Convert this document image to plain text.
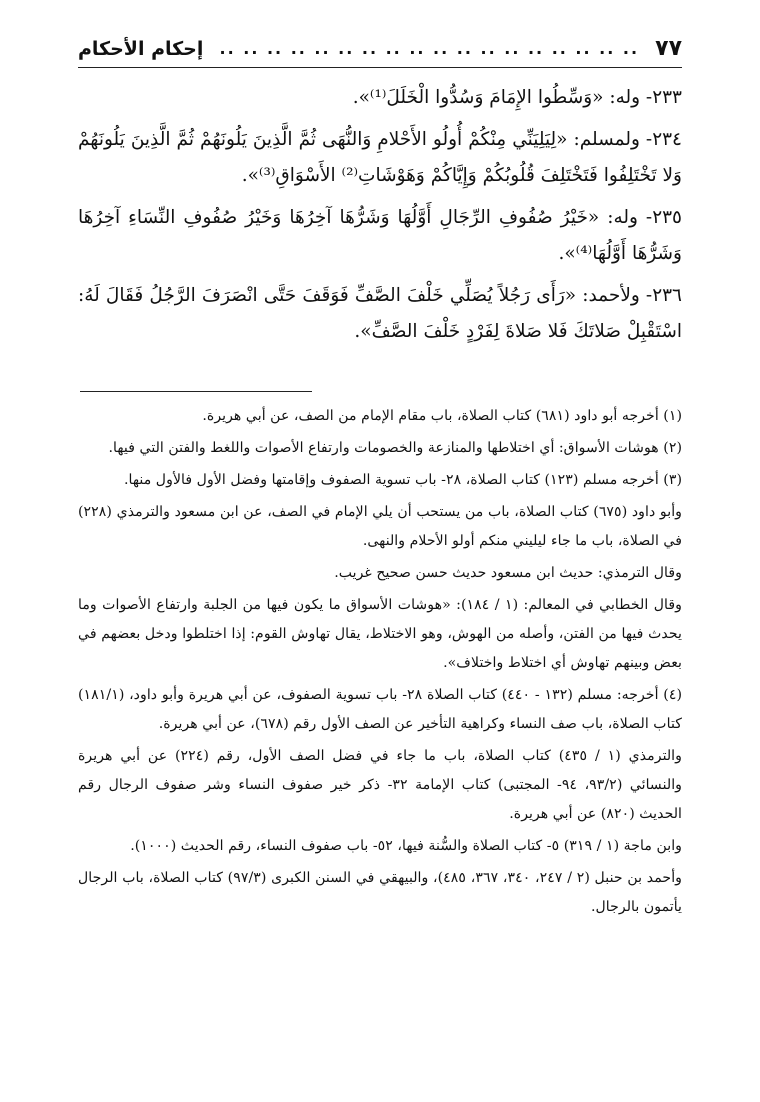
٧٧
.. .. .. .. .. .. .. .. .. .. .. .. .. .. .. .. .. ..
إحكام الأحكام

٢٣٣- وله: «وَسِّطُوا الإِمَامَ وَسُدُّوا الْخَلَلَ⁽¹⁾».

٢٣٤- ولمسلم: «لِيَلِيَنِّي مِنْكُمْ أُولُو الأَحْلامِ وَالنُّهَى ثُمَّ الَّذِينَ يَلُونَهُمْ ثُمَّ الَّذِينَ يَلُونَهُمْ وَلا تَخْتَلِفُوا فَتَخْتَلِفَ قُلُوبُكُمْ وَإِيَّاكُمْ وَهَوْشَاتِ⁽²⁾ الأَسْوَاقِ⁽³⁾».

٢٣٥- وله: «خَيْرُ صُفُوفِ الرِّجَالِ أَوَّلُهَا وَشَرُّهَا آخِرُهَا وَخَيْرُ صُفُوفِ النِّسَاءِ آخِرُهَا وَشَرُّهَا أَوَّلُهَا⁽⁴⁾».

٢٣٦- ولأحمد: «رَأَى رَجُلاً يُصَلِّي خَلْفَ الصَّفِّ فَوَقَفَ حَتَّى انْصَرَفَ الرَّجُلُ فَقَالَ لَهُ: اسْتَقْبِلْ صَلاتَكَ فَلا صَلاةَ لِفَرْدٍ خَلْفَ الصَّفِّ».

(١) أخرجه أبو داود (٦٨١) كتاب الصلاة، باب مقام الإمام من الصف، عن أبي هريرة.

(٢) هوشات الأسواق: أي اختلاطها والمنازعة والخصومات وارتفاع الأصوات واللغط والفتن التي فيها.

(٣) أخرجه مسلم (١٢٣) كتاب الصلاة، ٢٨- باب تسوية الصفوف وإقامتها وفضل الأول فالأول منها.

وأبو داود (٦٧٥) كتاب الصلاة، باب من يستحب أن يلي الإمام في الصف، عن ابن مسعود والترمذي (٢٢٨) في الصلاة، باب ما جاء ليليني منكم أولو الأحلام والنهى.

وقال الترمذي: حديث ابن مسعود حديث حسن صحيح غريب.

وقال الخطابي في المعالم: (١ / ١٨٤): «هوشات الأسواق ما يكون فيها من الجلبة وارتفاع الأصوات وما يحدث فيها من الفتن، وأصله من الهوش، وهو الاختلاط، يقال تهاوش القوم: إذا اختلطوا ودخل بعضهم في بعض وبينهم تهاوش أي اختلاط واختلاف».

(٤) أخرجه: مسلم (١٣٢ - ٤٤٠) كتاب الصلاة ٢٨- باب تسوية الصفوف، عن أبي هريرة وأبو داود، (١٨١/١) كتاب الصلاة، باب صف النساء وكراهية التأخير عن الصف الأول رقم (٦٧٨)، عن أبي هريرة.

والترمذي (١ / ٤٣٥) كتاب الصلاة، باب ما جاء في فضل الصف الأول، رقم (٢٢٤) عن أبي هريرة والنسائي (٩٣/٢، ٩٤- المجتبى) كتاب الإمامة ٣٢- ذكر خير صفوف النساء وشر صفوف الرجال رقم الحديث (٨٢٠) عن أبي هريرة.

وابن ماجة (١ / ٣١٩) ٥- كتاب الصلاة والسُّنة فيها، ٥٢- باب صفوف النساء، رقم الحديث (١٠٠٠).

وأحمد بن حنبل (٢ / ٢٤٧، ٣٤٠، ٣٦٧، ٤٨٥)، والبيهقي في السنن الكبرى (٩٧/٣) كتاب الصلاة، باب الرجال يأتمون بالرجال.
